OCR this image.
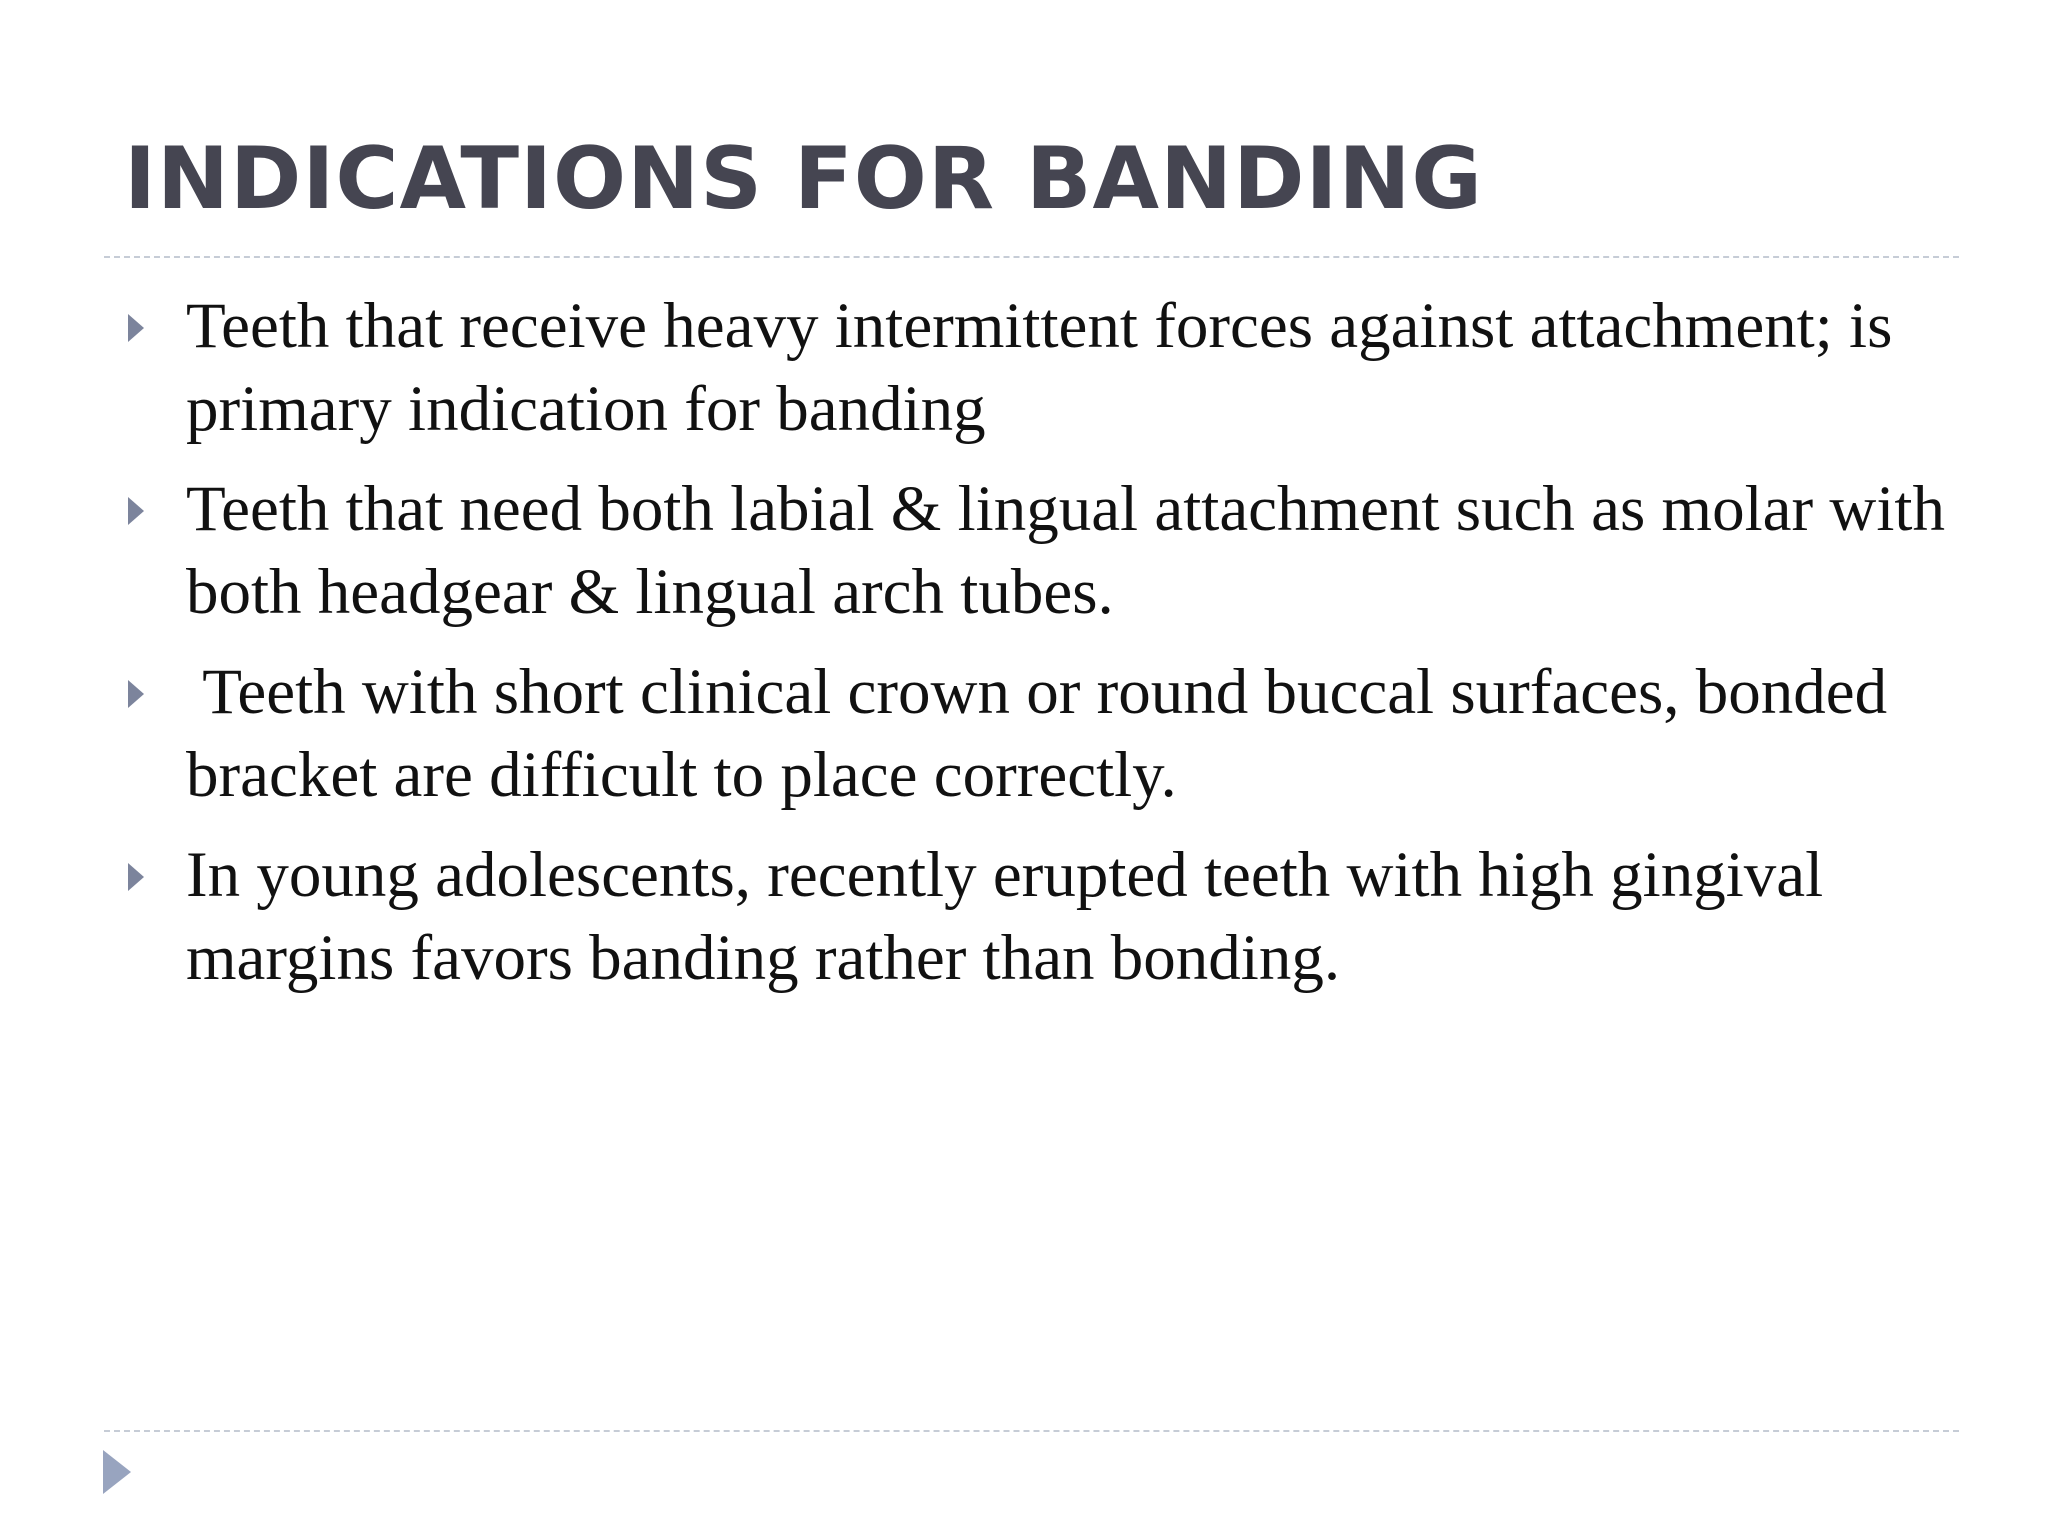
INDICATIONS FOR BANDING
Teeth that receive heavy intermittent forces against attachment; is primary indication for banding
Teeth that need both labial & lingual attachment such as molar with both headgear & lingual arch tubes.
Teeth with short clinical crown or round buccal surfaces, bonded bracket are difficult to place correctly.
In young adolescents, recently erupted teeth with high gingival margins favors banding rather than bonding.
